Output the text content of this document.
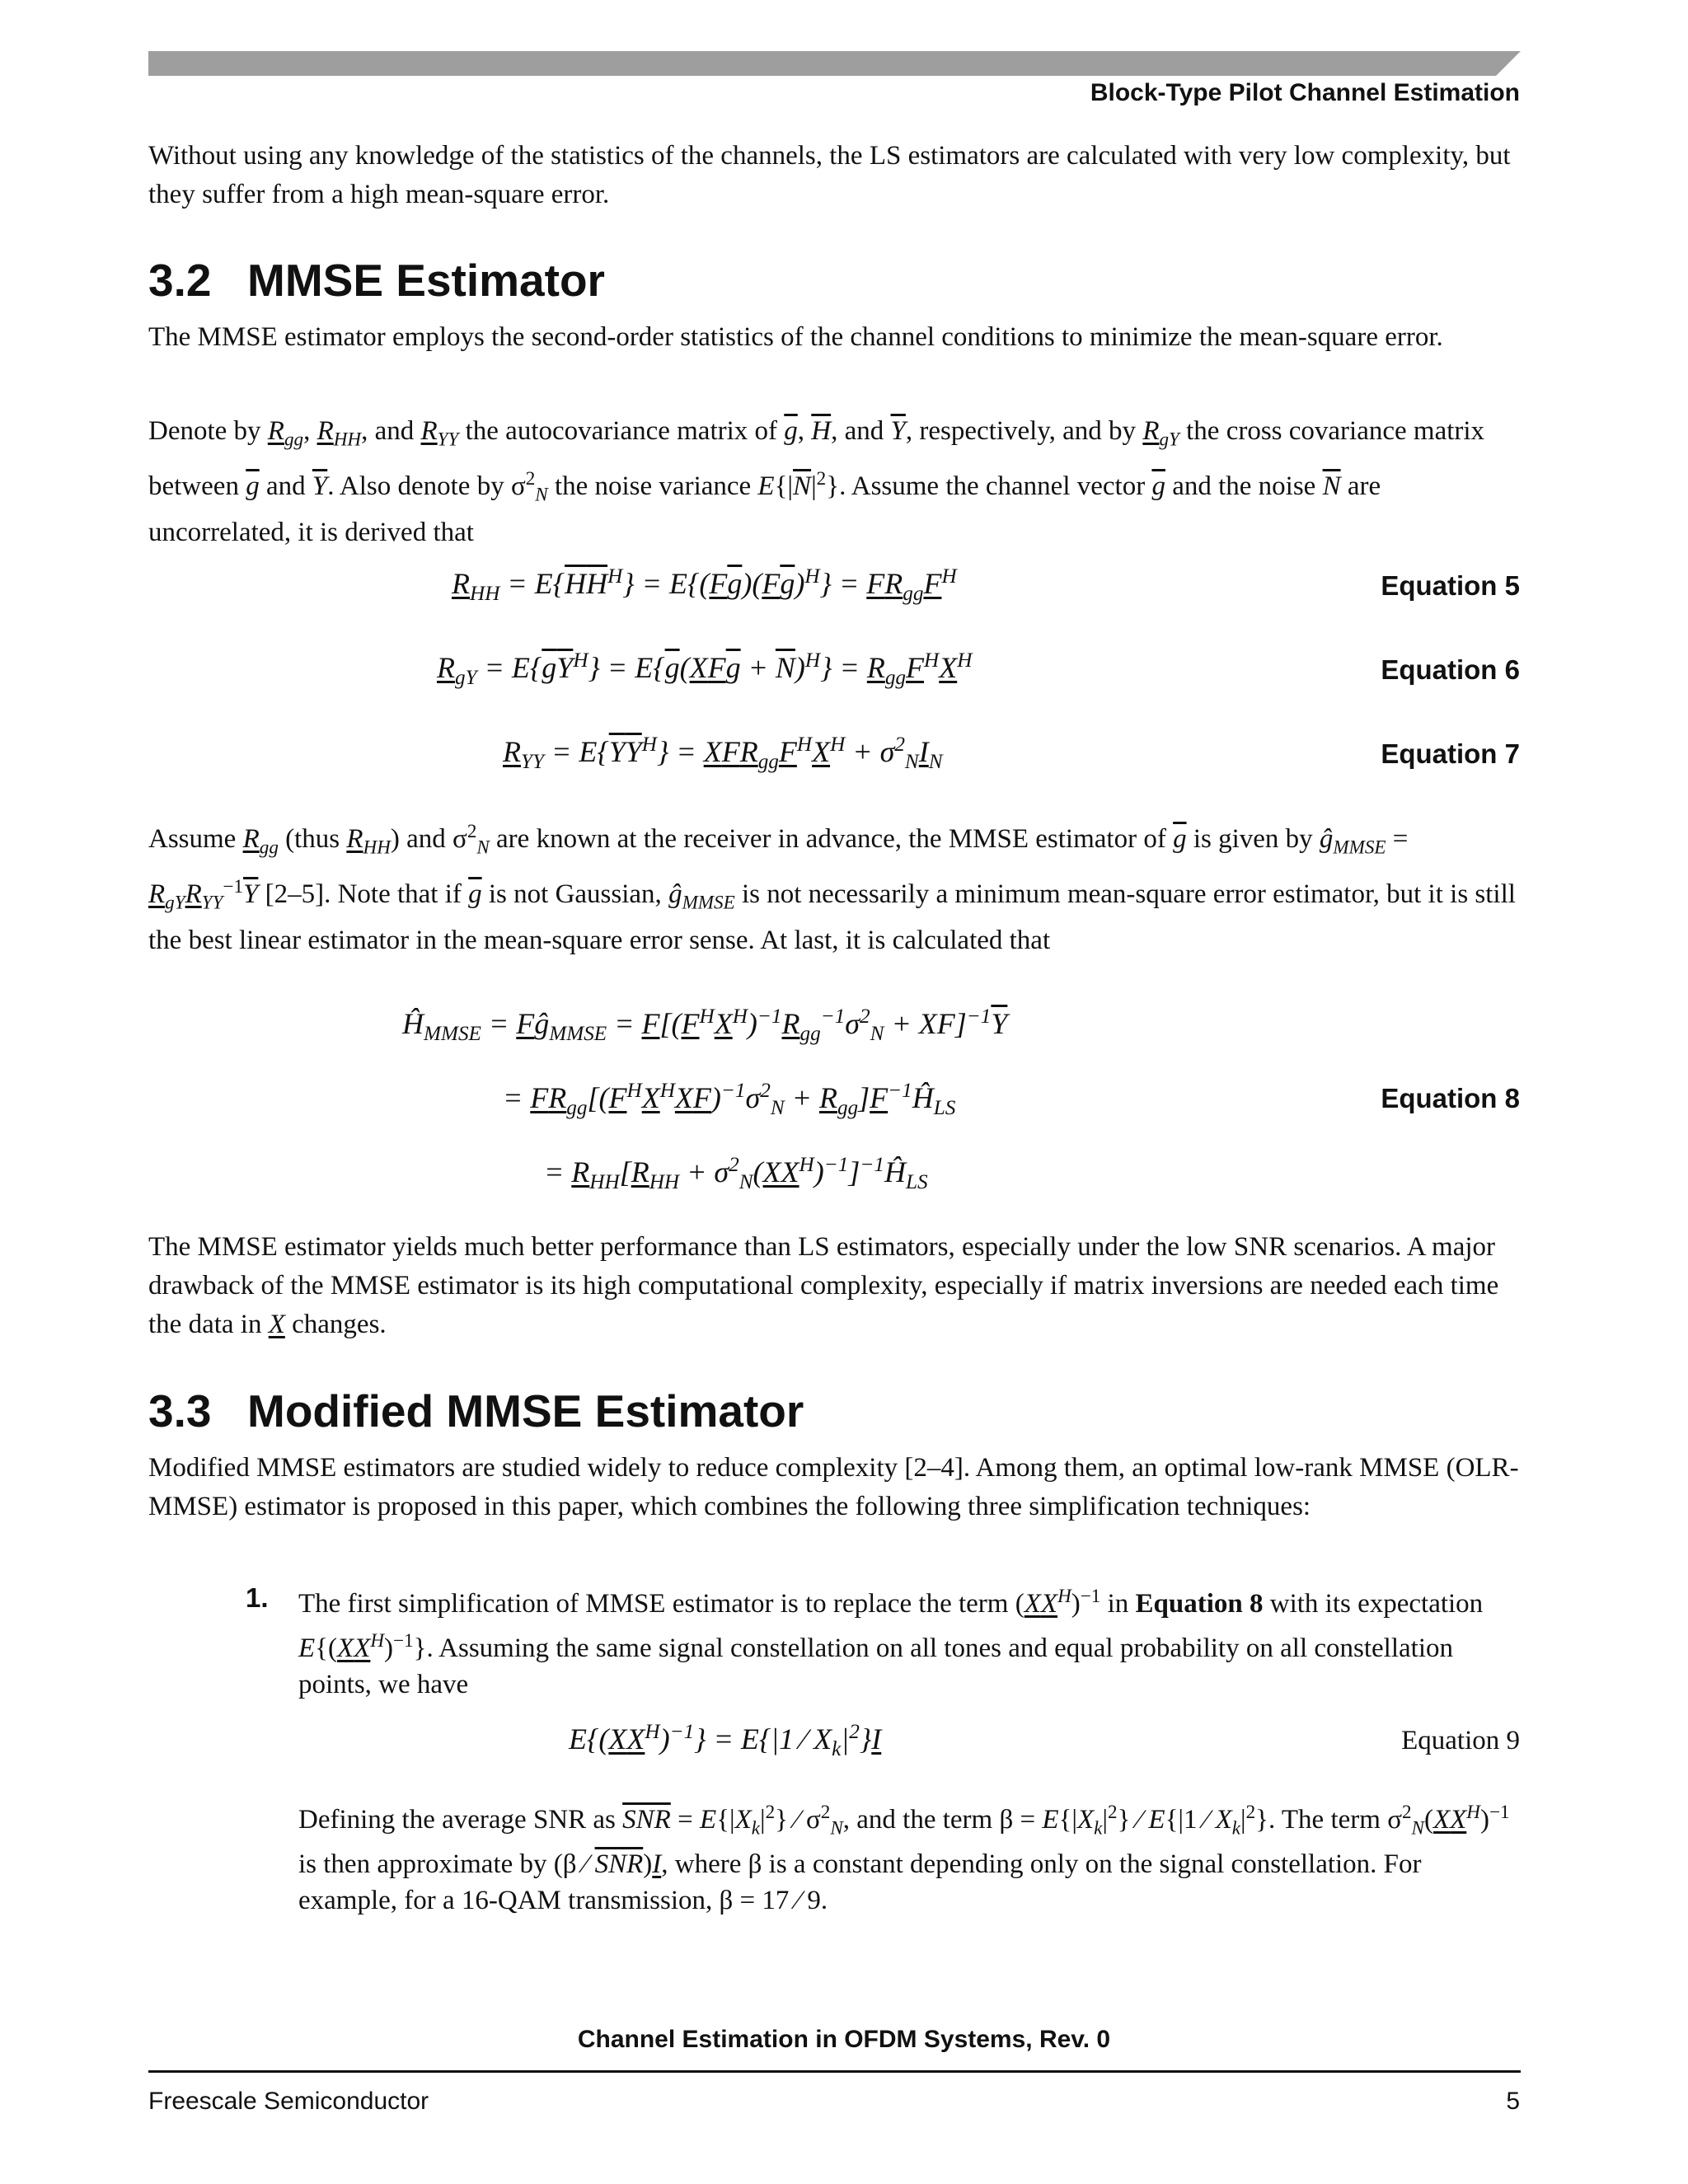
Block-Type Pilot Channel Estimation
Without using any knowledge of the statistics of the channels, the LS estimators are calculated with very low complexity, but they suffer from a high mean-square error.
3.2 MMSE Estimator
The MMSE estimator employs the second-order statistics of the channel conditions to minimize the mean-square error.
Denote by $R_{gg}$, $R_{HH}$, and $R_{YY}$ the autocovariance matrix of $\overline{g}$, $\overline{H}$, and $\overline{Y}$, respectively, and by $R_{gY}$ the cross covariance matrix between $\overline{g}$ and $\overline{Y}$. Also denote by $\sigma^2_N$ the noise variance $E\{|\overline{N}|^2\}$. Assume the channel vector $\overline{g}$ and the noise $\overline{N}$ are uncorrelated, it is derived that
$R_{HH} = E\{\overline{H}\overline{H}^H\} = E\{(F\overline{g})(F\overline{g})^H\} = FR_{gg}F^H$	Equation 5
$R_{gY} = E\{\overline{g}\overline{Y}^H\} = E\{\overline{g}(XF\overline{g} + \overline{N})^H\} = R_{gg}F^HX^H$	Equation 6
$R_{YY} = E\{\overline{Y}\overline{Y}^H\} = XFR_{gg}F^HX^H + \sigma^2_NI_N$	Equation 7
Assume $R_{gg}$ (thus $R_{HH}$) and $\sigma^2_N$ are known at the receiver in advance, the MMSE estimator of $\overline{g}$ is given by $ĝ_{MMSE} = R_{gY}R_{YY}^{-1}\overline{Y}$ [2–5]. Note that if $\overline{g}$ is not Gaussian, $ĝ_{MMSE}$ is not necessarily a minimum mean-square error estimator, but it is still the best linear estimator in the mean-square error sense. At last, it is calculated that
$Ĥ_{MMSE}$ = $Fĝ_{MMSE} = F[(F^HX^H)^{-1}R_{gg}^{-1}\sigma^2_N + XF]^{-1}\overline{Y}$
= $FR_{gg}[(F^HX^HXF)^{-1}\sigma^2_N$ + $R_{gg}]F^{-1}Ĥ_{LS}$	Equation 8
= $R_{HH}[R_{HH}$ + $\sigma^2_N(XX^H)^{-1}]^{-1}Ĥ_{LS}$
The MMSE estimator yields much better performance than LS estimators, especially under the low SNR scenarios. A major drawback of the MMSE estimator is its high computational complexity, especially if matrix inversions are needed each time the data in X changes.
3.3 Modified MMSE Estimator
Modified MMSE estimators are studied widely to reduce complexity [2–4]. Among them, an optimal low-rank MMSE (OLR-MMSE) estimator is proposed in this paper, which combines the following three simplification techniques:
1. The first simplification of MMSE estimator is to replace the term $(XX^H)^{-1}$ in Equation 8 with its expectation $E\{(XX^H)^{-1}\}$. Assuming the same signal constellation on all tones and equal probability on all constellation points, we have
$E\{(XX^H)^{-1}\} = E\{|1$ ⁄ $X_k|^2\}I$	Equation 9
Defining the average SNR as $\overline{SNR} = E\{|X_k|^2\}$ ⁄ $\sigma^2_N$, and the term $\beta = E\{|X_k|^2\}$ ⁄ E{|1 ⁄ $X_k|^2$}. The term $\sigma^2_N(XX^H)^{-1}$ is then approximate by (β ⁄ $\overline{SNR})I$, where β is a constant depending only on the signal constellation. For example, for a 16-QAM transmission, β = 17 ⁄ 9.
Channel Estimation in OFDM Systems, Rev. 0
Freescale Semiconductor	5
